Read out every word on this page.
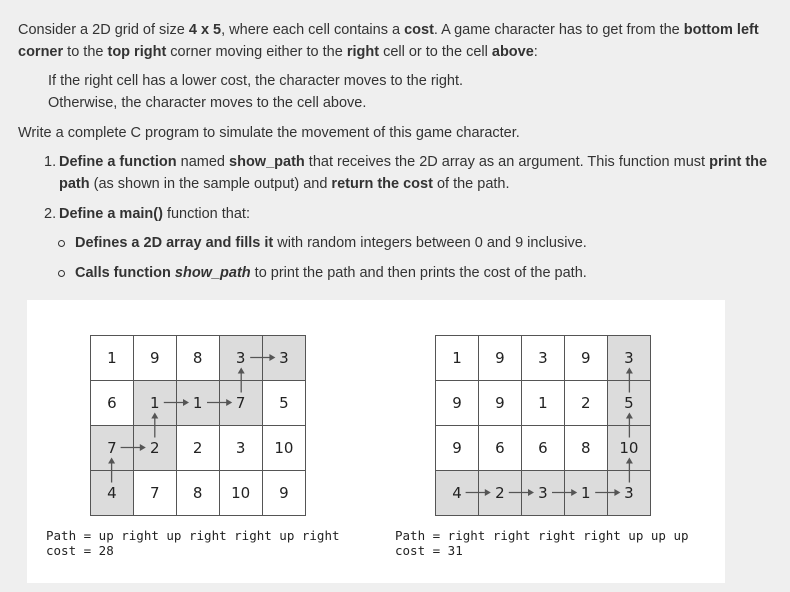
Consider a 2D grid of size 4 x 5, where each cell contains a cost. A game character has to get from the bottom left corner to the top right corner moving either to the right cell or to the cell above:

If the right cell has a lower cost, the character moves to the right.

Otherwise, the character moves to the cell above.

Write a complete C program to simulate the movement of this game character.

1. Define a function named show_path that receives the 2D array as an argument. This function must print the path (as shown in the sample output) and return the cost of the path.
2. Define a main() function that:
Defines a 2D array and fills it with random integers between 0 and 9 inclusive.
Calls function show_path to print the path and then prints the cost of the path.
1	9	8	3	3
6	1	1	7	5
7	2	2	3	10
4	7	8	10	9
1	9	3	9	3
9	9	1	2	5
9	6	6	8	10
4	2	3	1	3
Path = up right up right right up right
cost = 28
Path = right right right right up up up
cost = 31
